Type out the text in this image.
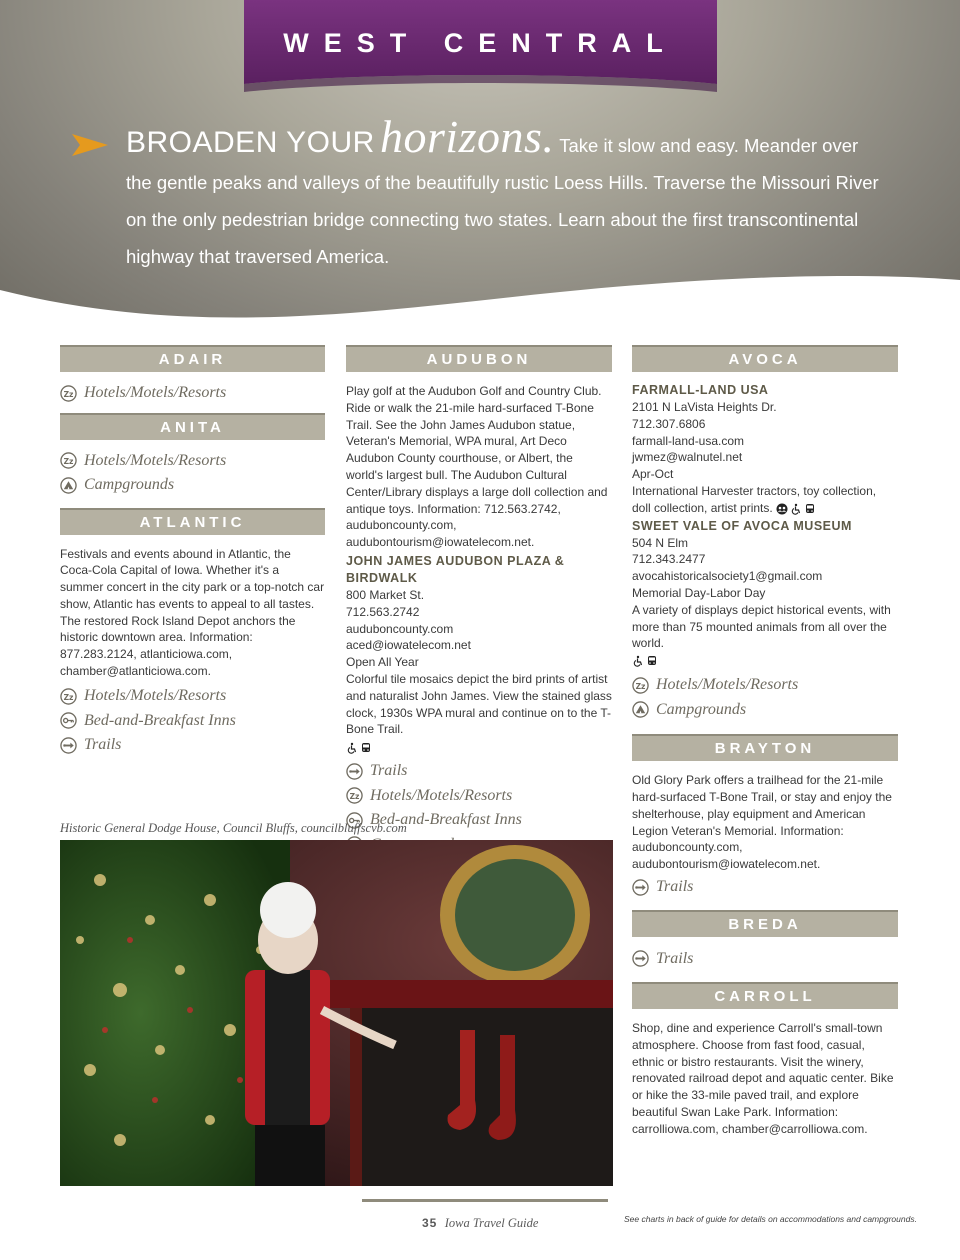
WEST CENTRAL
BROADEN YOUR horizons. Take it slow and easy. Meander over the gentle peaks and valleys of the beautifully rustic Loess Hills. Traverse the Missouri River on the only pedestrian bridge connecting two states. Learn about the first transcontinental highway that traversed America.
ADAIR
Zz Hotels/Motels/Resorts
ANITA
Zz Hotels/Motels/Resorts
Campgrounds
ATLANTIC
Festivals and events abound in Atlantic, the Coca-Cola Capital of Iowa. Whether it's a summer concert in the city park or a top-notch car show, Atlantic has events to appeal to all tastes. The restored Rock Island Depot anchors the historic downtown area. Information: 877.283.2124, atlanticiowa.com, chamber@atlanticiowa.com.
Zz Hotels/Motels/Resorts
Bed-and-Breakfast Inns
Trails
AUDUBON
Play golf at the Audubon Golf and Country Club. Ride or walk the 21-mile hard-surfaced T-Bone Trail. See the John James Audubon statue, Veteran's Memorial, WPA mural, Art Deco Audubon County courthouse, or Albert, the world's largest bull. The Audubon Cultural Center/Library displays a large doll collection and antique toys. Information: 712.563.2742, auduboncounty.com, audubontourism@iowatelecom.net.
JOHN JAMES AUDUBON PLAZA & BIRDWALK
800 Market St.
712.563.2742
auduboncounty.com
aced@iowatelecom.net
Open All Year
Colorful tile mosaics depict the bird prints of artist and naturalist John James. View the stained glass clock, 1930s WPA mural and continue on to the T-Bone Trail.
Trails
Zz Hotels/Motels/Resorts
Bed-and-Breakfast Inns
AVOCA
FARMALL-LAND USA
2101 N LaVista Heights Dr.
712.307.6806
farmall-land-usa.com
jwmez@walnutel.net
Apr-Oct
International Harvester tractors, toy collection, doll collection, artist prints.
SWEET VALE OF AVOCA MUSEUM
504 N Elm
712.343.2477
avocahistoricalsociety1@gmail.com
Memorial Day-Labor Day
A variety of displays depict historical events, with more than 75 mounted animals from all over the world.
Zz Hotels/Motels/Resorts
Campgrounds
BRAYTON
Old Glory Park offers a trailhead for the 21-mile hard-surfaced T-Bone Trail, or stay and enjoy the shelterhouse, play equipment and American Legion Veteran's Memorial. Information: auduboncounty.com, audubontourism@iowatelecom.net.
Trails
BREDA
Trails
CARROLL
Shop, dine and experience Carroll's small-town atmosphere. Choose from fast food, casual, ethnic or bistro restaurants. Visit the winery, renovated railroad depot and aquatic center. Bike or hike the 33-mile paved trail, and explore beautiful Swan Lake Park. Information: carrolliowa.com, chamber@carrolliowa.com.
Historic General Dodge House, Council Bluffs, councilbluffscvb.com
35 Iowa Travel Guide	See charts in back of guide for details on accommodations and campgrounds.
